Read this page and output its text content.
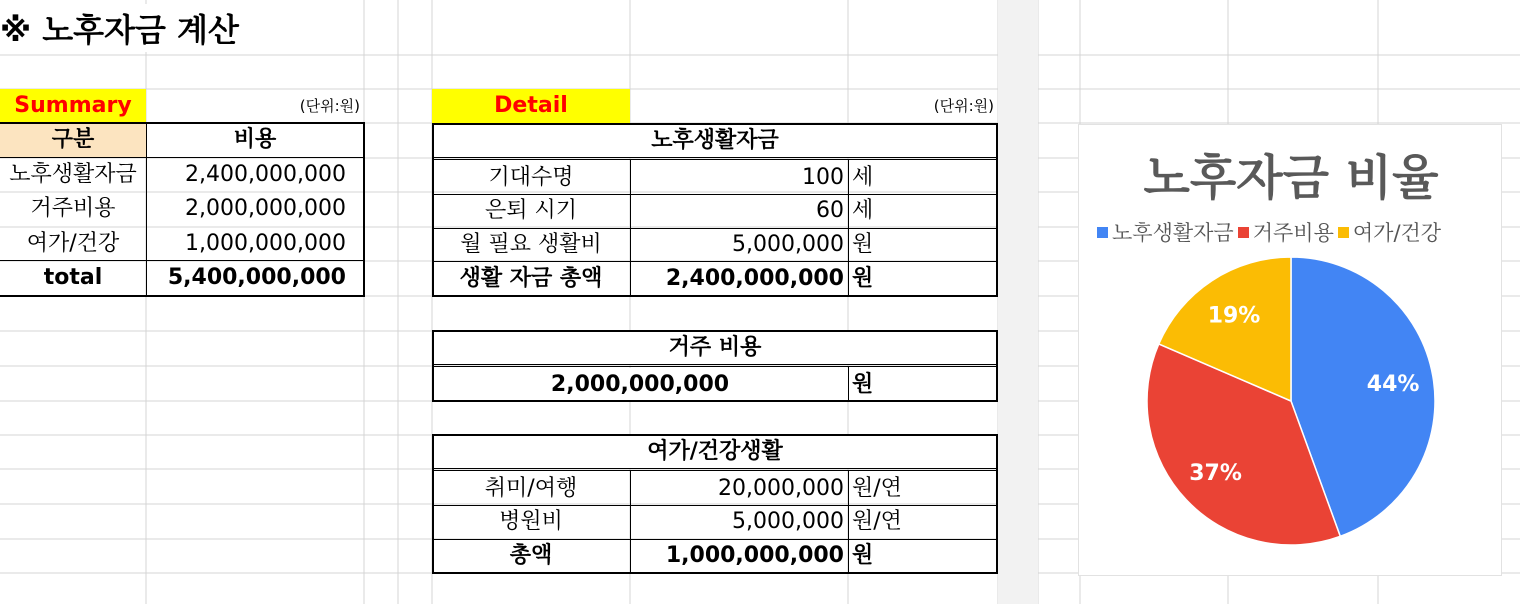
※ 노후자금 계산
Summary	(단위:원)
구분	비용
노후생활자금	2,400,000,000
거주비용	2,000,000,000
여가/건강	1,000,000,000
total	5,400,000,000
Detail	(단위:원)
노후생활자금
기대수명	100 세
은퇴 시기	60 세
월 필요 생활비	5,000,000 원
생활 자금 총액	2,400,000,000 원
거주 비용
2,000,000,000	원
여가/건강생활
취미/여행	20,000,000 원/연
병원비	5,000,000 원/연
총액	1,000,000,000 원
노후자금 비율
노후생활자금 거주비용 여가/건강
44%
37%
19%
